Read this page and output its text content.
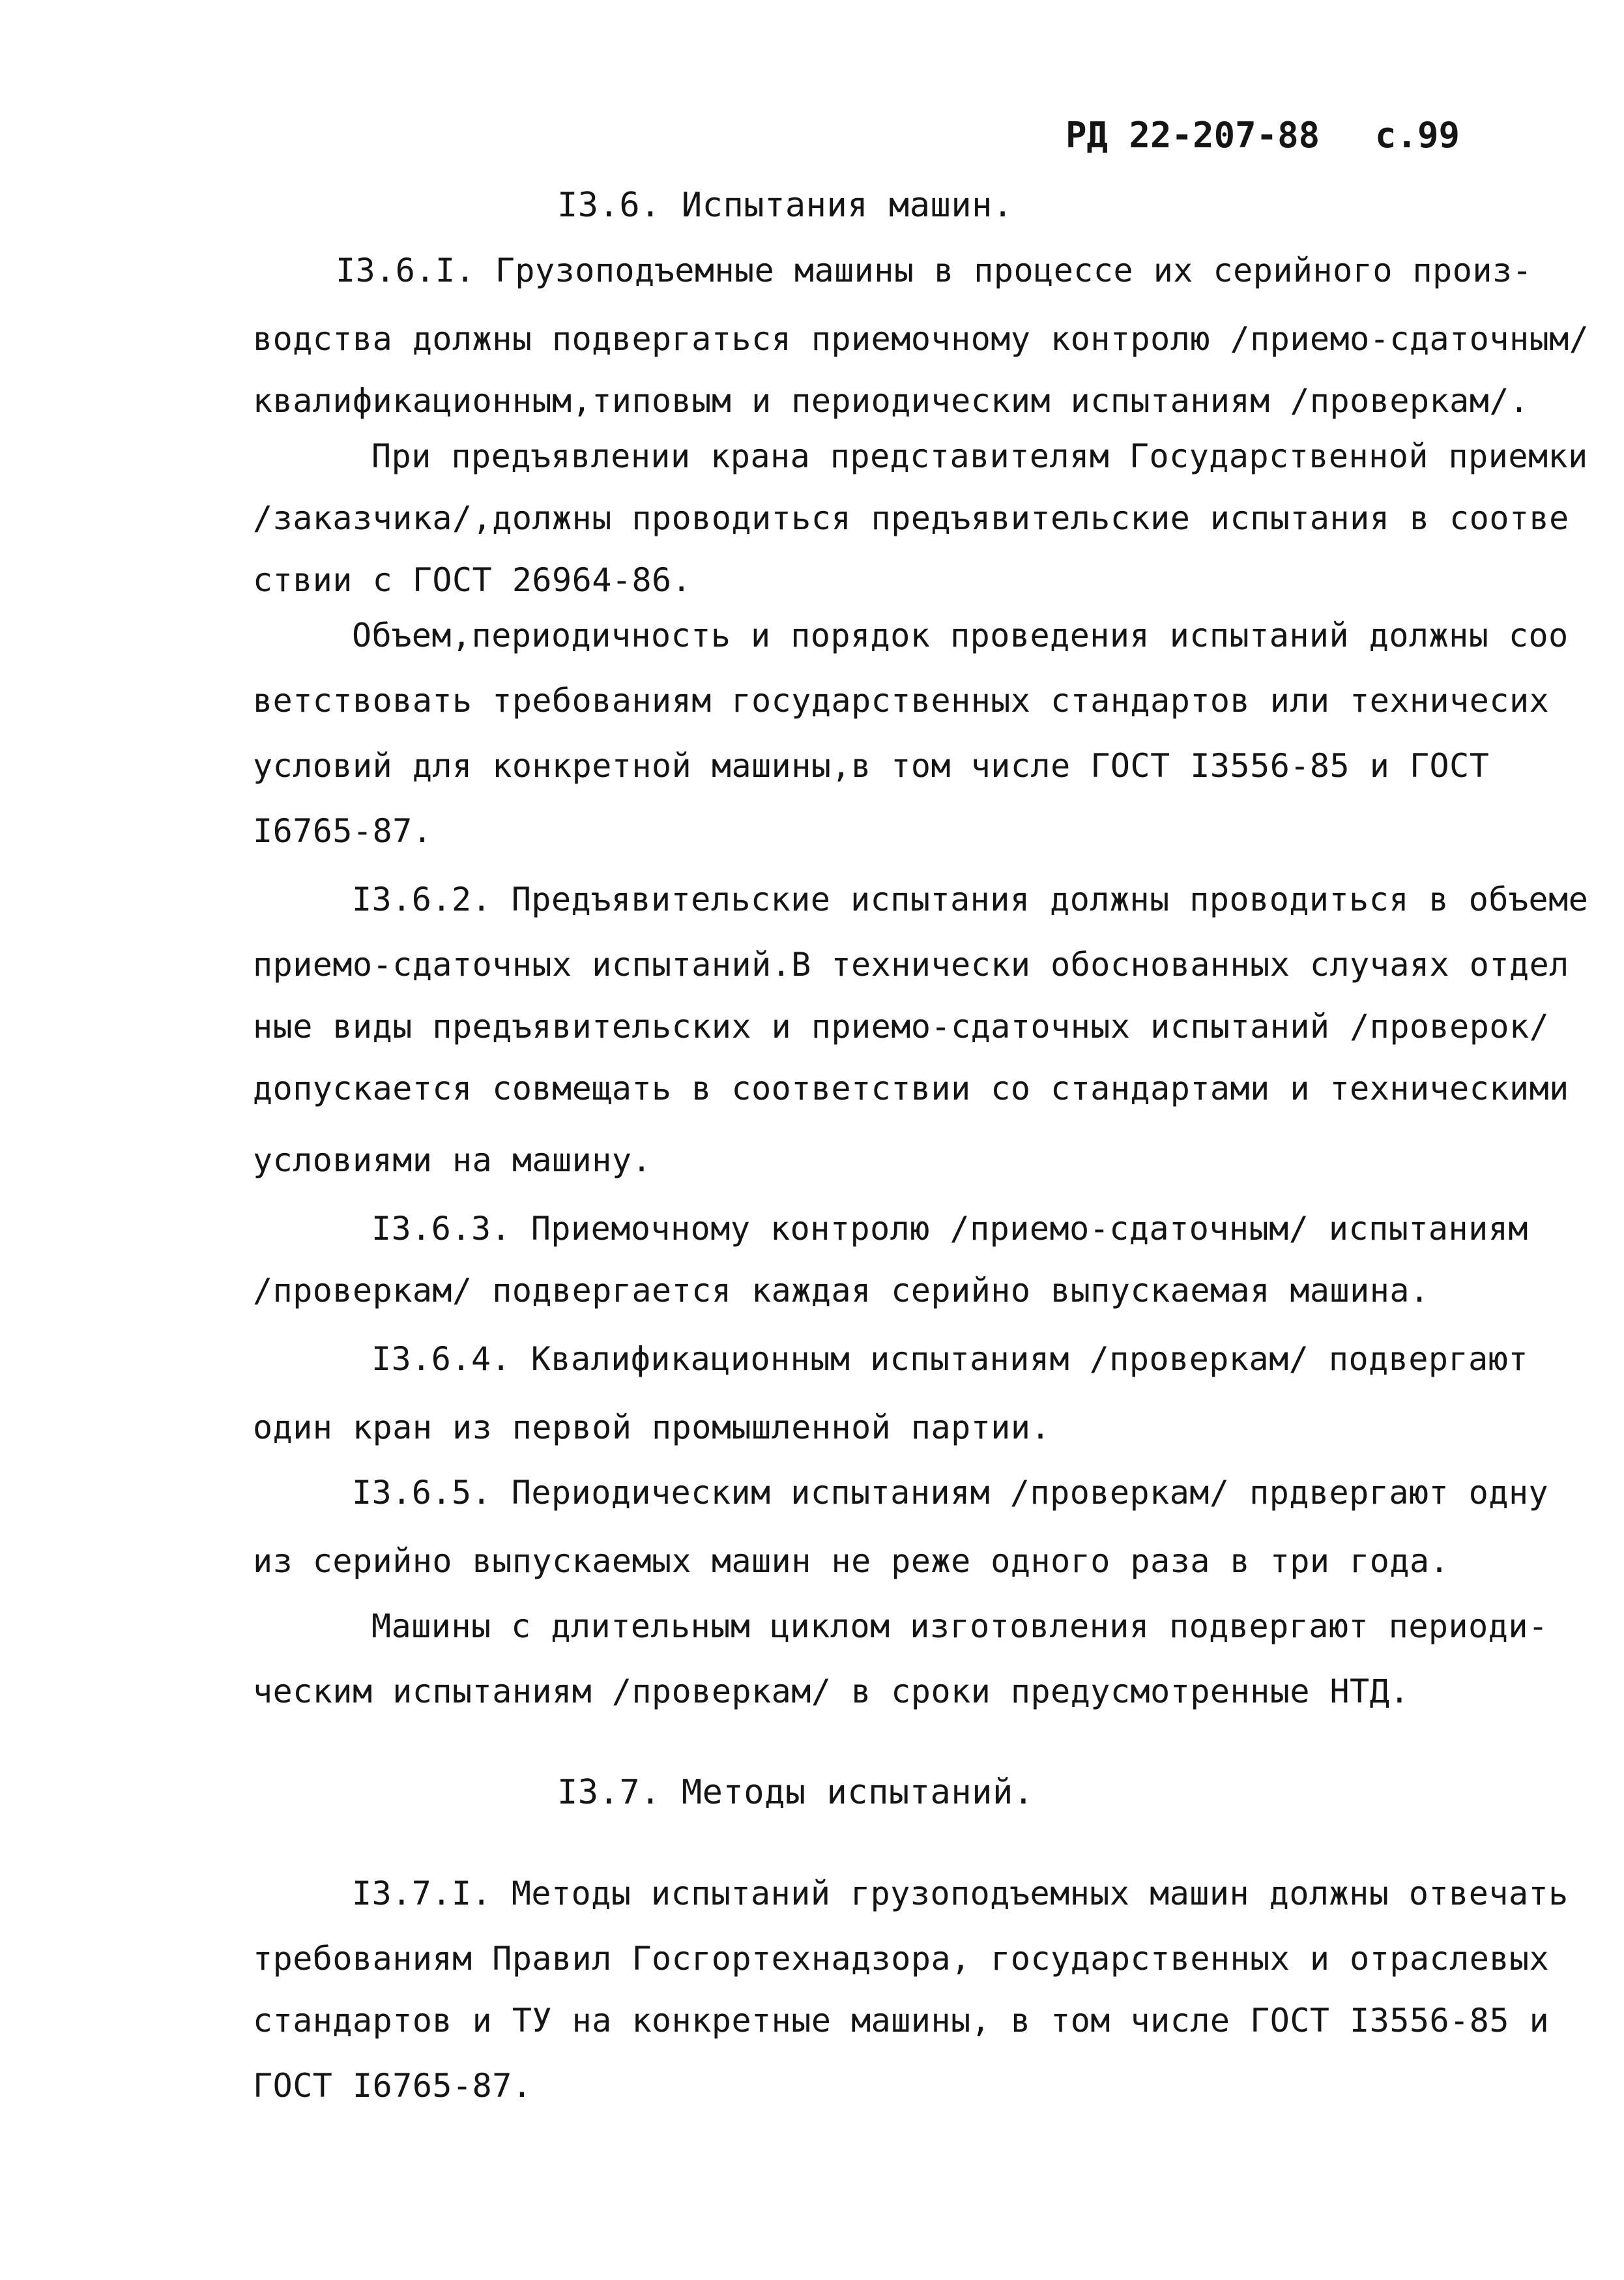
РД 22-207-88 с.99
I3.6. Испытания машин.
I3.6.I. Грузоподъемные машины в процессе их серийного произ-
водства должны подвергаться приемочному контролю /приемо-сдаточным/
квалификационным,типовым и периодическим испытаниям /проверкам/.
При предъявлении крана представителям Государственной приемки
/заказчика/,должны проводиться предъявительские испытания в соотве
ствии с ГОСТ 26964-86.
Объем,периодичность и порядок проведения испытаний должны соо
ветствовать требованиям государственных стандартов или техничесих
условий для конкретной машины,в том числе ГОСТ I3556-85 и ГОСТ
I6765-87.
I3.6.2. Предъявительские испытания должны проводиться в объеме
приемо-сдаточных испытаний.В технически обоснованных случаях отдел
ные виды предъявительских и приемо-сдаточных испытаний /проверок/
допускается совмещать в соответствии со стандартами и техническими
условиями на машину.
I3.6.3. Приемочному контролю /приемо-сдаточным/ испытаниям
/проверкам/ подвергается каждая серийно выпускаемая машина.
I3.6.4. Квалификационным испытаниям /проверкам/ подвергают
один кран из первой промышленной партии.
I3.6.5. Периодическим испытаниям /проверкам/ прдвергают одну
из серийно выпускаемых машин не реже одного раза в три года.
Машины с длительным циклом изготовления подвергают периоди-
ческим испытаниям /проверкам/ в сроки предусмотренные НТД.
I3.7. Методы испытаний.
I3.7.I. Методы испытаний грузоподъемных машин должны отвечать
требованиям Правил Госгортехнадзора, государственных и отраслевых
стандартов и ТУ на конкретные машины, в том числе ГОСТ I3556-85 и
ГОСТ I6765-87.
